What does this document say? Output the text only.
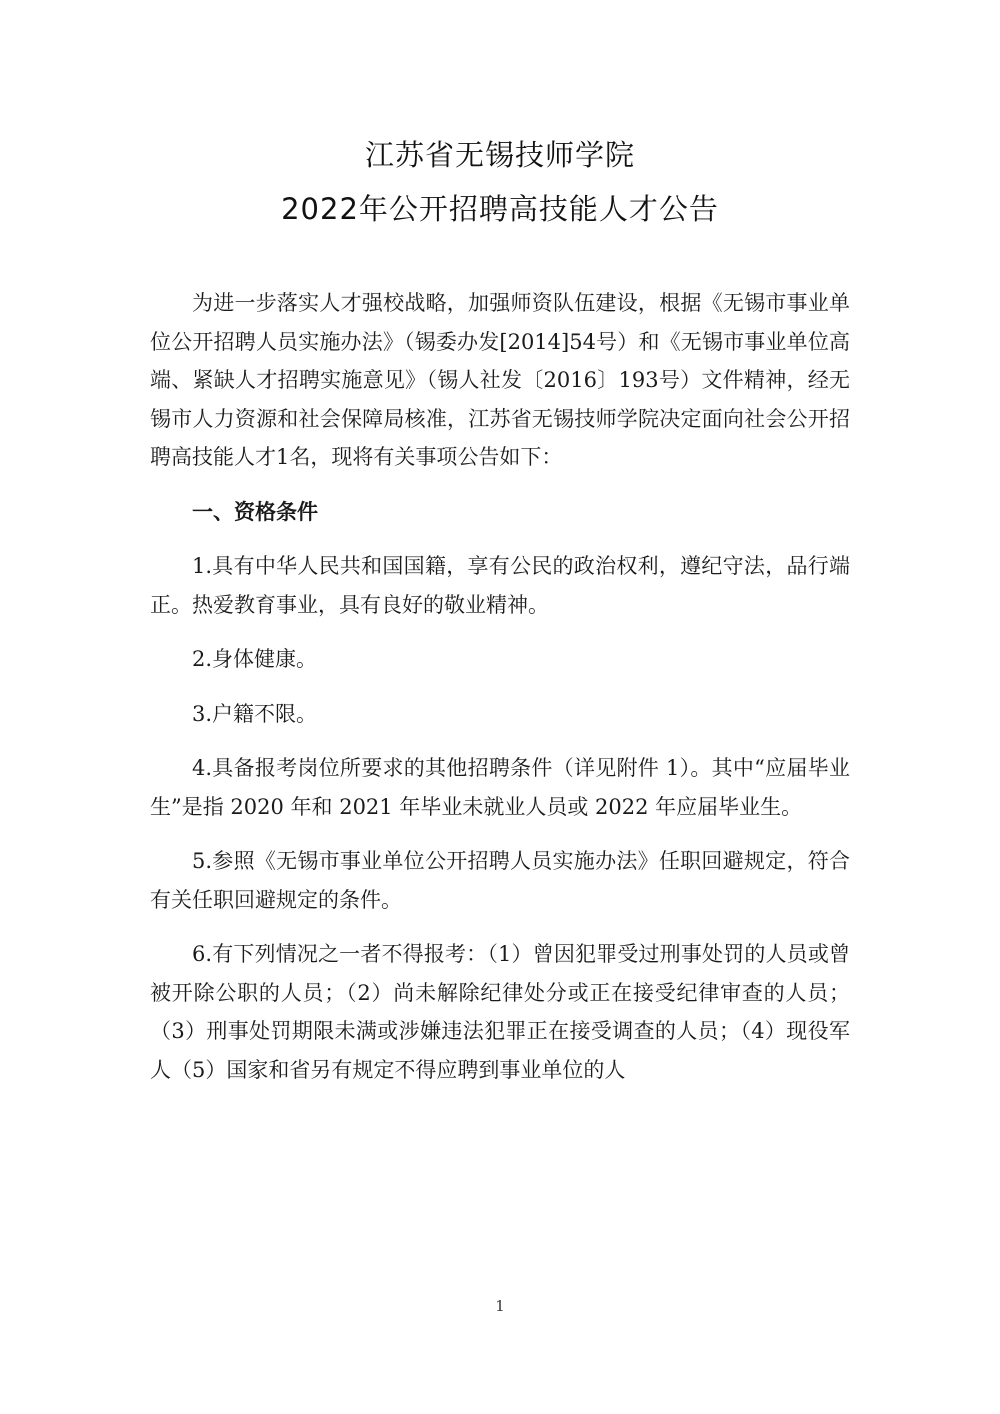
江苏省无锡技师学院
2022年公开招聘高技能人才公告

为进一步落实人才强校战略，加强师资队伍建设，根据《无锡市事业单位公开招聘人员实施办法》（锡委办发[2014]54号）和《无锡市事业单位高端、紧缺人才招聘实施意见》（锡人社发〔2016〕193号）文件精神，经无锡市人力资源和社会保障局核准，江苏省无锡技师学院决定面向社会公开招聘高技能人才1名，现将有关事项公告如下：

一、资格条件

1.具有中华人民共和国国籍，享有公民的政治权利，遵纪守法，品行端正。热爱教育事业，具有良好的敬业精神。

2.身体健康。

3.户籍不限。

4.具备报考岗位所要求的其他招聘条件（详见附件 1）。其中“应届毕业生”是指 2020 年和 2021 年毕业未就业人员或 2022 年应届毕业生。

5.参照《无锡市事业单位公开招聘人员实施办法》任职回避规定，符合有关任职回避规定的条件。

6.有下列情况之一者不得报考：（1）曾因犯罪受过刑事处罚的人员或曾被开除公职的人员；（2）尚未解除纪律处分或正在接受纪律审查的人员；（3）刑事处罚期限未满或涉嫌违法犯罪正在接受调查的人员；（4）现役军人（5）国家和省另有规定不得应聘到事业单位的人

1
